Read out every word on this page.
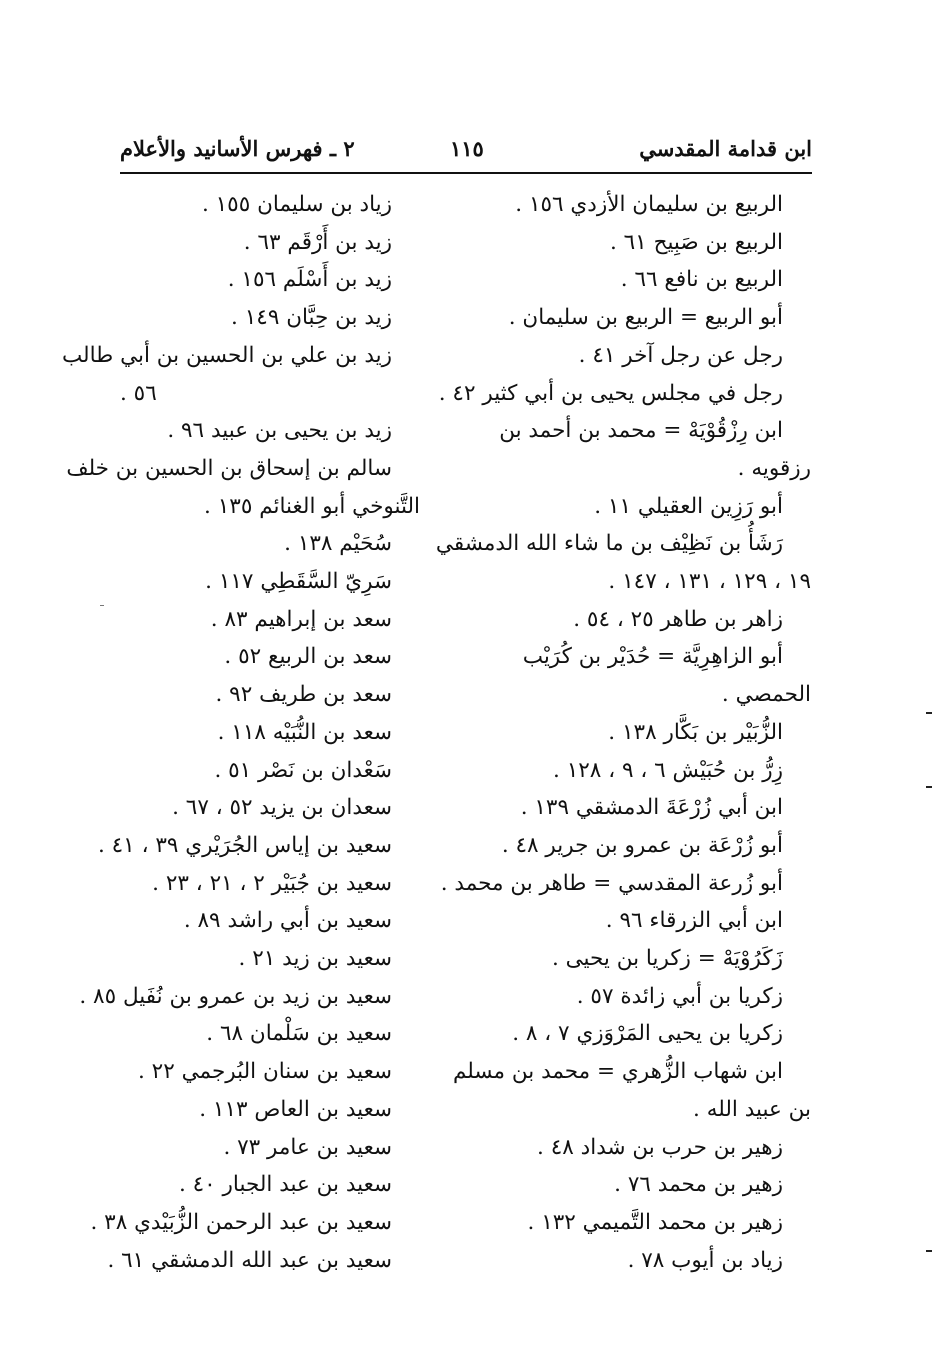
ابن قدامة المقدسي
١١٥
٢ ـ فهرس الأسانيد والأعلام
الربيع بن سليمان الأزدي ١٥٦ .
الربيع بن صَبِيح ٦١ .
الربيع بن نافع ٦٦ .
أبو الربيع = الربيع بن سليمان .
رجل عن رجل آخر ٤١ .
رجل في مجلس يحيى بن أبي كثير ٤٢ .
ابن رِزْقُوْيَهْ = محمد بن أحمد بن
رزقويه .
أبو رَزِين العقيلي ١١ .
رَشَأُ بن نَظِيْف بن ما شاء الله الدمشقي
١٩ ، ١٢٩ ، ١٣١ ، ١٤٧ .
زاهر بن طاهر ٢٥ ، ٥٤ .
أبو الزاهِرِيَّة = حُدَيْر بن كُرَيْب
الحمصي .
الزُّبَيْر بن بَكَّار ١٣٨ .
زِرُّ بن حُبَيْش ٦ ، ٩ ، ١٢٨ .
ابن أبي زُرْعَةَ الدمشقي ١٣٩ .
أبو زُرْعَة بن عمرو بن جرير ٤٨ .
أبو زُرعة المقدسي = طاهر بن محمد .
ابن أبي الزرقاء ٩٦ .
زَكَرُوْيَهْ = زكريا بن يحيى .
زكريا بن أبي زائدة ٥٧ .
زكريا بن يحيى المَرْوَزي ٧ ، ٨ .
ابن شهاب الزُّهري = محمد بن مسلم
بن عبيد الله .
زهير بن حرب بن شداد ٤٨ .
زهير بن محمد ٧٦ .
زهير بن محمد التَّميمي ١٣٢ .
زياد بن أيوب ٧٨ .
زياد بن سليمان ١٥٥ .
زيد بن أَرْقَم ٦٣ .
زيد بن أَسْلَم ١٥٦ .
زيد بن حِبَّان ١٤٩ .
زيد بن علي بن الحسين بن أبي طالب
٥٦ .
زيد بن يحيى بن عبيد ٩٦ .
سالم بن إسحاق بن الحسين بن خلف
التَّنوخي أبو الغنائم ١٣٥ .
سُحَيْم ١٣٨ .
سَرِيّ السَّقَطِي ١١٧ .
سعد بن إبراهيم ٨٣ .
سعد بن الربيع ٥٢ .
سعد بن طريف ٩٢ .
سعد بن النُّبَيْه ١١٨ .
سَعْدان بن نَصْر ٥١ .
سعدان بن يزيد ٥٢ ، ٦٧ .
سعيد بن إياس الجُرَيْري ٣٩ ، ٤١ .
سعيد بن جُبَيْر ٢ ، ٢١ ، ٢٣ .
سعيد بن أبي راشد ٨٩ .
سعيد بن زيد ٢١ .
سعيد بن زيد بن عمرو بن نُفَيل ٨٥ .
سعيد بن سَلْمان ٦٨ .
سعيد بن سنان البُرجمي ٢٢ .
سعيد بن العاص ١١٣ .
سعيد بن عامر ٧٣ .
سعيد بن عبد الجبار ٤٠ .
سعيد بن عبد الرحمن الزُّبَيْدي ٣٨ .
سعيد بن عبد الله الدمشقي ٦١ .
